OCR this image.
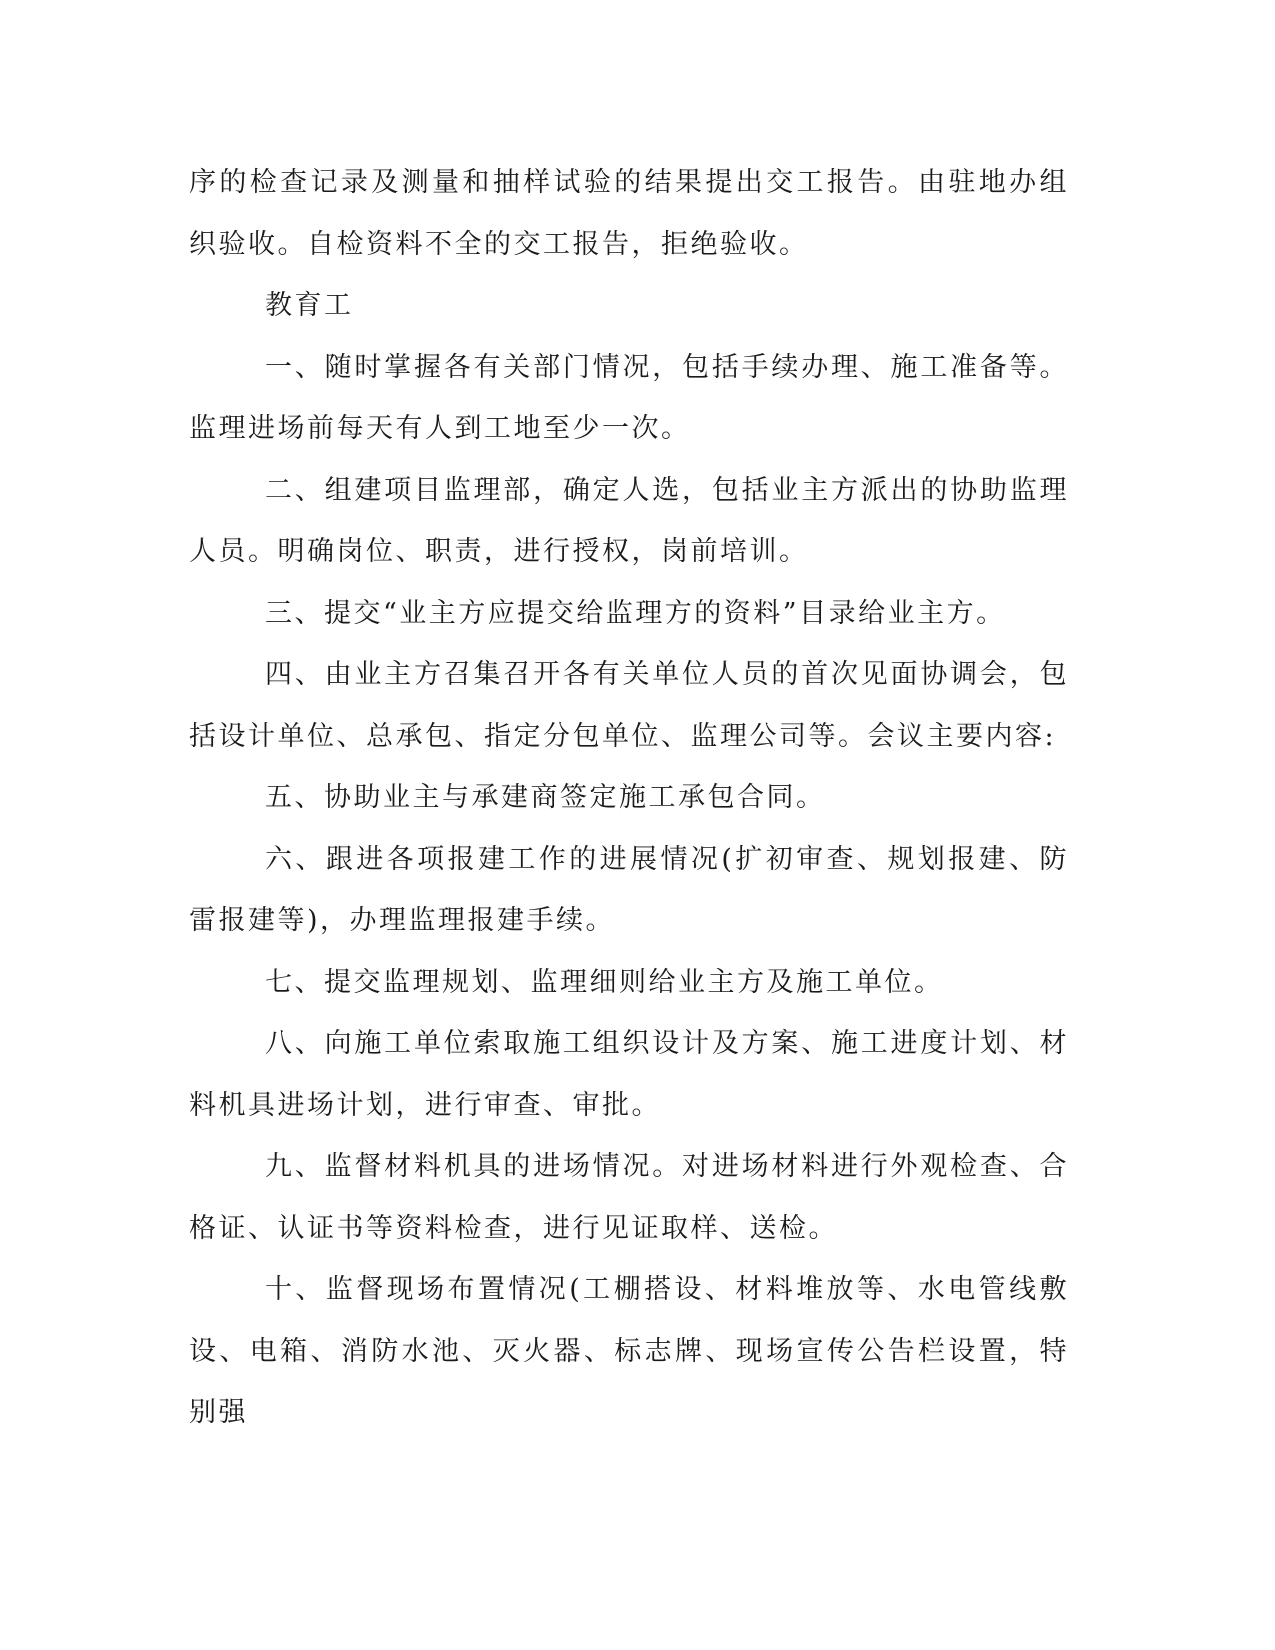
序的检查记录及测量和抽样试验的结果提出交工报告。由驻地办组织验收。自检资料不全的交工报告，拒绝验收。

教育工

一、随时掌握各有关部门情况，包括手续办理、施工准备等。监理进场前每天有人到工地至少一次。

二、组建项目监理部，确定人选，包括业主方派出的协助监理人员。明确岗位、职责，进行授权，岗前培训。

三、提交“业主方应提交给监理方的资料”目录给业主方。

四、由业主方召集召开各有关单位人员的首次见面协调会，包括设计单位、总承包、指定分包单位、监理公司等。会议主要内容:

五、协助业主与承建商签定施工承包合同。

六、跟进各项报建工作的进展情况(扩初审查、规划报建、防雷报建等)，办理监理报建手续。

七、提交监理规划、监理细则给业主方及施工单位。

八、向施工单位索取施工组织设计及方案、施工进度计划、材料机具进场计划，进行审查、审批。

九、监督材料机具的进场情况。对进场材料进行外观检查、合格证、认证书等资料检查，进行见证取样、送检。

十、监督现场布置情况(工棚搭设、材料堆放等、水电管线敷设、电箱、消防水池、灭火器、标志牌、现场宣传公告栏设置，特别强
